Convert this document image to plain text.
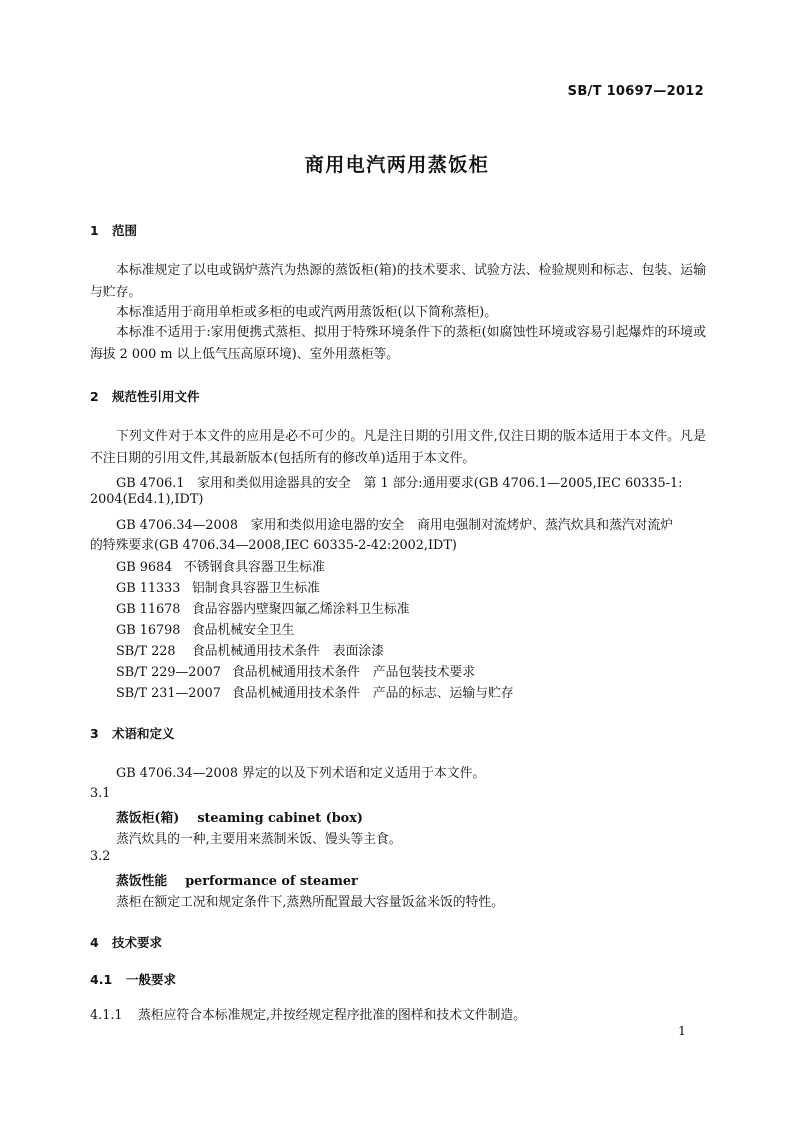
SB/T 10697—2012
商用电汽两用蒸饭柜
1 范围
本标准规定了以电或锅炉蒸汽为热源的蒸饭柜(箱)的技术要求、试验方法、检验规则和标志、包装、运输与贮存。
本标准适用于商用单柜或多柜的电或汽两用蒸饭柜(以下简称蒸柜)。
本标准不适用于:家用便携式蒸柜、拟用于特殊环境条件下的蒸柜(如腐蚀性环境或容易引起爆炸的环境或海拔 2 000 m 以上低气压高原环境)、室外用蒸柜等。
2 规范性引用文件
下列文件对于本文件的应用是必不可少的。凡是注日期的引用文件,仅注日期的版本适用于本文件。凡是不注日期的引用文件,其最新版本(包括所有的修改单)适用于本文件。
GB 4706.1　家用和类似用途器具的安全　第 1 部分:通用要求(GB 4706.1—2005,IEC 60335-1:
2004(Ed4.1),IDT)
GB 4706.34—2008　家用和类似用途电器的安全　商用电强制对流烤炉、蒸汽炊具和蒸汽对流炉
的特殊要求(GB 4706.34—2008,IEC 60335-2-42:2002,IDT)
GB 9684 不锈钢食具容器卫生标准
GB 11333 铝制食具容器卫生标准
GB 11678 食品容器内壁聚四氟乙烯涂料卫生标准
GB 16798 食品机械安全卫生
SB/T 228 食品机械通用技术条件　表面涂漆
SB/T 229—2007 食品机械通用技术条件　产品包装技术要求
SB/T 231—2007 食品机械通用技术条件　产品的标志、运输与贮存
3 术语和定义
GB 4706.34—2008 界定的以及下列术语和定义适用于本文件。
3.1
蒸饭柜(箱) steaming cabinet (box)
蒸汽炊具的一种,主要用来蒸制米饭、馒头等主食。
3.2
蒸饭性能 performance of steamer
蒸柜在额定工况和规定条件下,蒸熟所配置最大容量饭盆米饭的特性。
4 技术要求
4.1 一般要求
4.1.1 蒸柜应符合本标准规定,并按经规定程序批准的图样和技术文件制造。
1
